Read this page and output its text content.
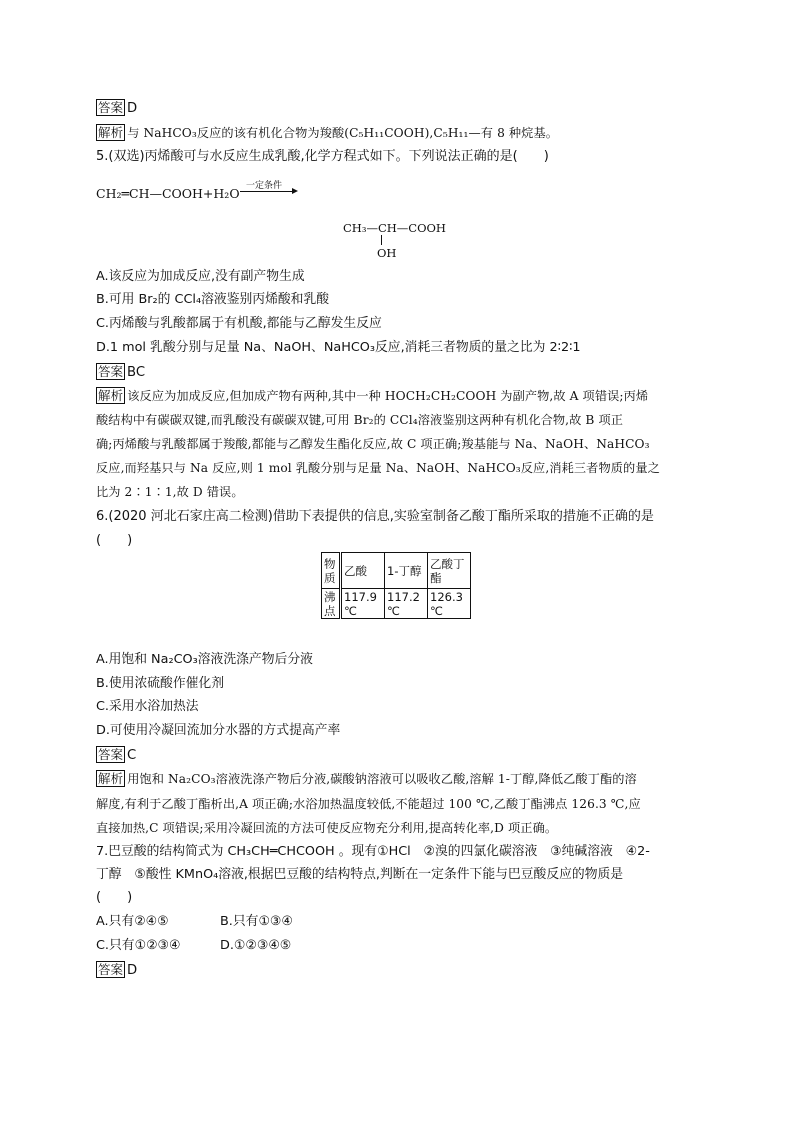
答案 D
解析 与 NaHCO₃反应的该有机化合物为羧酸(C₅H₁₁COOH),C₅H₁₁—有 8 种烷基。
5.(双选)丙烯酸可与水反应生成乳酸,化学方程式如下。下列说法正确的是(　　)
CH₂═CH—COOH+H₂O 一定条件
CH₃—CH—COOH
OH
A.该反应为加成反应,没有副产物生成
B.可用 Br₂的 CCl₄溶液鉴别丙烯酸和乳酸
C.丙烯酸与乳酸都属于有机酸,都能与乙醇发生反应
D.1 mol 乳酸分别与足量 Na、NaOH、NaHCO₃反应,消耗三者物质的量之比为 2∶2∶1
答案 BC
解析 该反应为加成反应,但加成产物有两种,其中一种 HOCH₂CH₂COOH 为副产物,故 A 项错误;丙烯
酸结构中有碳碳双键,而乳酸没有碳碳双键,可用 Br₂的 CCl₄溶液鉴别这两种有机化合物,故 B 项正
确;丙烯酸与乳酸都属于羧酸,都能与乙醇发生酯化反应,故 C 项正确;羧基能与 Na、NaOH、NaHCO₃
反应,而羟基只与 Na 反应,则 1 mol 乳酸分别与足量 Na、NaOH、NaHCO₃反应,消耗三者物质的量之
比为 2∶1∶1,故 D 错误。
6.(2020 河北石家庄高二检测)借助下表提供的信息,实验室制备乙酸丁酯所采取的措施不正确的是
(　　)
物质	乙酸	1-丁醇	乙酸丁酯
沸点	117.9 ℃	117.2 ℃	126.3 ℃
A.用饱和 Na₂CO₃溶液洗涤产物后分液
B.使用浓硫酸作催化剂
C.采用水浴加热法
D.可使用冷凝回流加分水器的方式提高产率
答案 C
解析 用饱和 Na₂CO₃溶液洗涤产物后分液,碳酸钠溶液可以吸收乙酸,溶解 1-丁醇,降低乙酸丁酯的溶
解度,有利于乙酸丁酯析出,A 项正确;水浴加热温度较低,不能超过 100 ℃,乙酸丁酯沸点 126.3 ℃,应
直接加热,C 项错误;采用冷凝回流的方法可使反应物充分利用,提高转化率,D 项正确。
7.巴豆酸的结构简式为 CH₃CH═CHCOOH 。现有①HCl　②溴的四氯化碳溶液　③纯碱溶液　④2-
丁醇　⑤酸性 KMnO₄溶液,根据巴豆酸的结构特点,判断在一定条件下能与巴豆酸反应的物质是
(　　)
A.只有②④⑤	B.只有①③④
C.只有①②③④	D.①②③④⑤
答案 D
